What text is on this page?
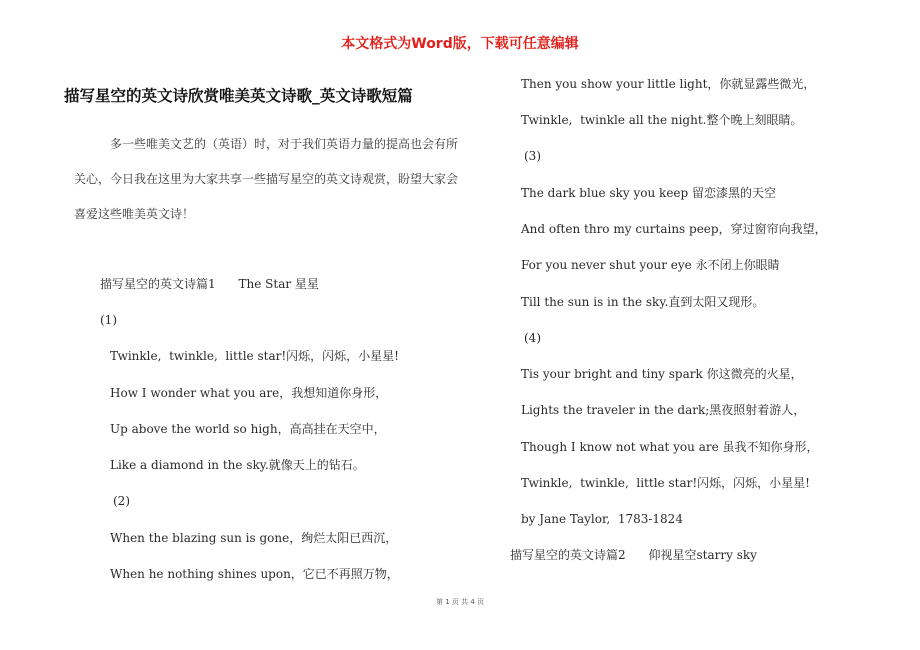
本文格式为Word版，下载可任意编辑
描写星空的英文诗欣赏唯美英文诗歌_英文诗歌短篇

多一些唯美文艺的（英语）时，对于我们英语力量的提高也会有所关心，今日我在这里为大家共享一些描写星空的英文诗观赏，盼望大家会喜爱这些唯美英文诗！

描写星空的英文诗篇1      The Star 星星
(1)
Twinkle,  twinkle,  little star!闪烁，闪烁，小星星!
How I wonder what you are，我想知道你身形，
Up above the world so high，高高挂在天空中，
Like a diamond in the sky.就像天上的钻石。
(2)
When the blazing sun is gone，绚烂太阳已西沉，
When he nothing shines upon，它已不再照万物，
Then you show your little light，你就显露些微光，
Twinkle,  twinkle all the night.整个晚上刻眼睛。
(3)
The dark blue sky you keep 留恋漆黑的天空
And often thro my curtains peep，穿过窗帘向我望，
For you never shut your eye 永不闭上你眼睛
Till the sun is in the sky.直到太阳又现形。
(4)
Tis your bright and tiny spark 你这微亮的火星，
Lights the traveler in the dark;黑夜照射着游人，
Though I know not what you are 虽我不知你身形，
Twinkle,  twinkle,  little star!闪烁，闪烁，小星星!
by Jane Taylor,  1783-1824
描写星空的英文诗篇2      仰视星空starry sky
第 1 页 共 4 页
